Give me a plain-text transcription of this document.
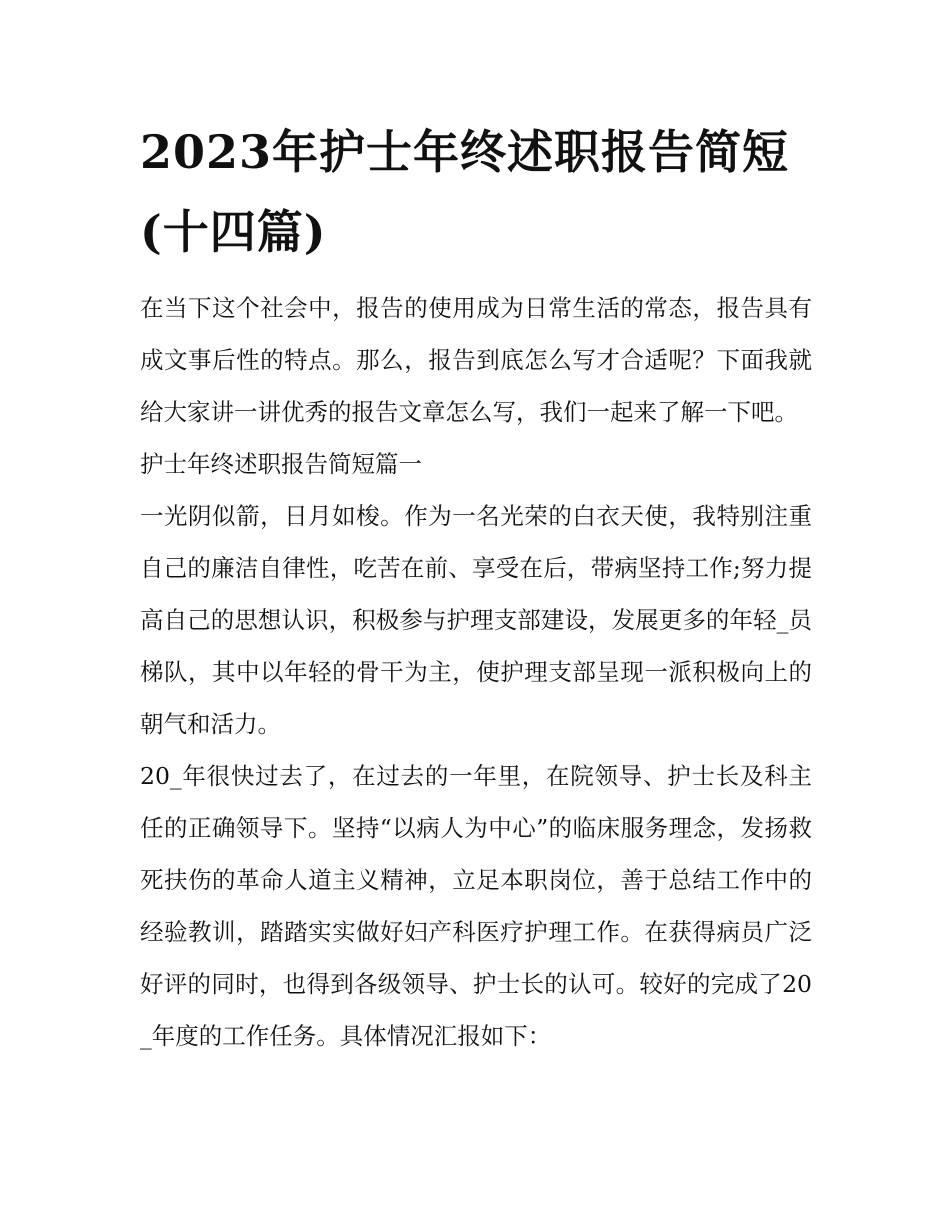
2023年护士年终述职报告简短(十四篇)

在当下这个社会中，报告的使用成为日常生活的常态，报告具有成文事后性的特点。那么，报告到底怎么写才合适呢？下面我就给大家讲一讲优秀的报告文章怎么写，我们一起来了解一下吧。

护士年终述职报告简短篇一

一光阴似箭，日月如梭。作为一名光荣的白衣天使，我特别注重自己的廉洁自律性，吃苦在前、享受在后，带病坚持工作;努力提高自己的思想认识，积极参与护理支部建设，发展更多的年轻_员梯队，其中以年轻的骨干为主，使护理支部呈现一派积极向上的朝气和活力。

20_年很快过去了，在过去的一年里，在院领导、护士长及科主任的正确领导下。坚持“以病人为中心”的临床服务理念，发扬救死扶伤的革命人道主义精神，立足本职岗位，善于总结工作中的经验教训，踏踏实实做好妇产科医疗护理工作。在获得病员广泛好评的同时，也得到各级领导、护士长的认可。较好的完成了20_年度的工作任务。具体情况汇报如下：
